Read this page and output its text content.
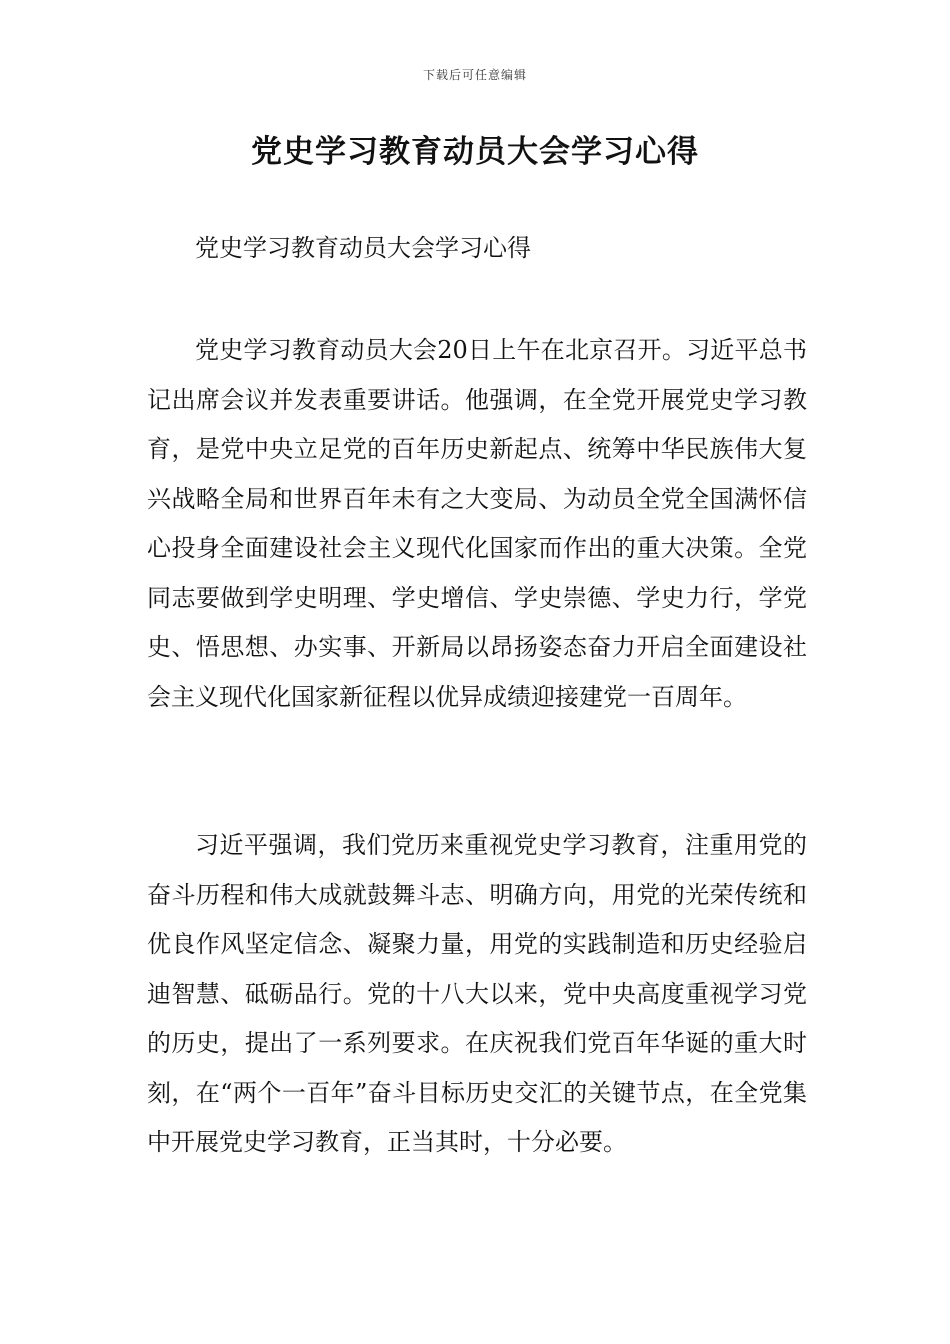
下载后可任意编辑
党史学习教育动员大会学习心得

党史学习教育动员大会学习心得

党史学习教育动员大会20日上午在北京召开。习近平总书记出席会议并发表重要讲话。他强调，在全党开展党史学习教育，是党中央立足党的百年历史新起点、统筹中华民族伟大复兴战略全局和世界百年未有之大变局、为动员全党全国满怀信心投身全面建设社会主义现代化国家而作出的重大决策。全党同志要做到学史明理、学史增信、学史崇德、学史力行，学党史、悟思想、办实事、开新局以昂扬姿态奋力开启全面建设社会主义现代化国家新征程以优异成绩迎接建党一百周年。

习近平强调，我们党历来重视党史学习教育，注重用党的奋斗历程和伟大成就鼓舞斗志、明确方向，用党的光荣传统和优良作风坚定信念、凝聚力量，用党的实践制造和历史经验启迪智慧、砥砺品行。党的十八大以来，党中央高度重视学习党的历史，提出了一系列要求。在庆祝我们党百年华诞的重大时刻，在“两个一百年”奋斗目标历史交汇的关键节点，在全党集中开展党史学习教育，正当其时，十分必要。
